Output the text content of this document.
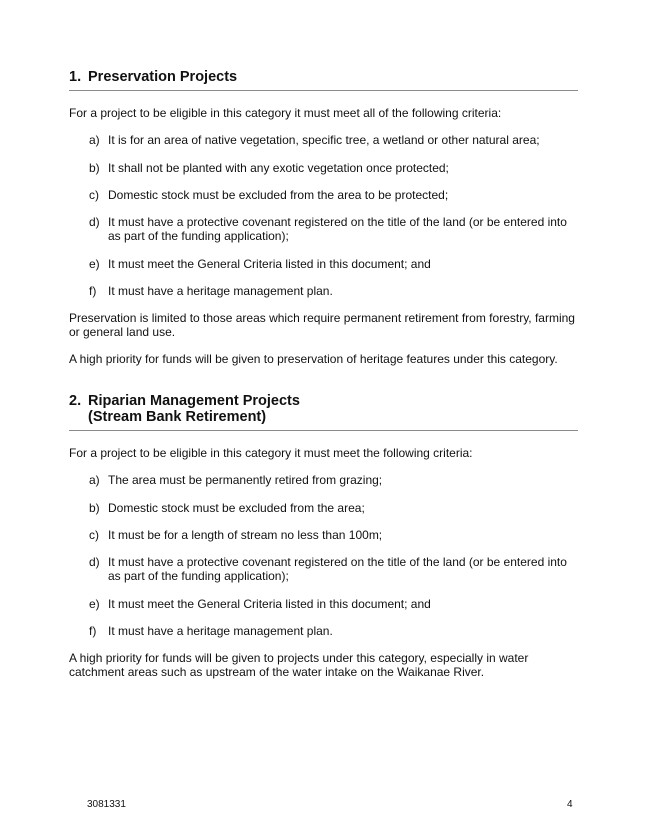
1. Preservation Projects

For a project to be eligible in this category it must meet all of the following criteria:

a) It is for an area of native vegetation, specific tree, a wetland or other natural area;
b) It shall not be planted with any exotic vegetation once protected;
c) Domestic stock must be excluded from the area to be protected;
d) It must have a protective covenant registered on the title of the land (or be entered into as part of the funding application);
e) It must meet the General Criteria listed in this document; and
f) It must have a heritage management plan.

Preservation is limited to those areas which require permanent retirement from forestry, farming or general land use.

A high priority for funds will be given to preservation of heritage features under this category.

2. Riparian Management Projects
(Stream Bank Retirement)

For a project to be eligible in this category it must meet the following criteria:

a) The area must be permanently retired from grazing;
b) Domestic stock must be excluded from the area;
c) It must be for a length of stream no less than 100m;
d) It must have a protective covenant registered on the title of the land (or be entered into as part of the funding application);
e) It must meet the General Criteria listed in this document; and
f) It must have a heritage management plan.

A high priority for funds will be given to projects under this category, especially in water catchment areas such as upstream of the water intake on the Waikanae River.

3081331	4
